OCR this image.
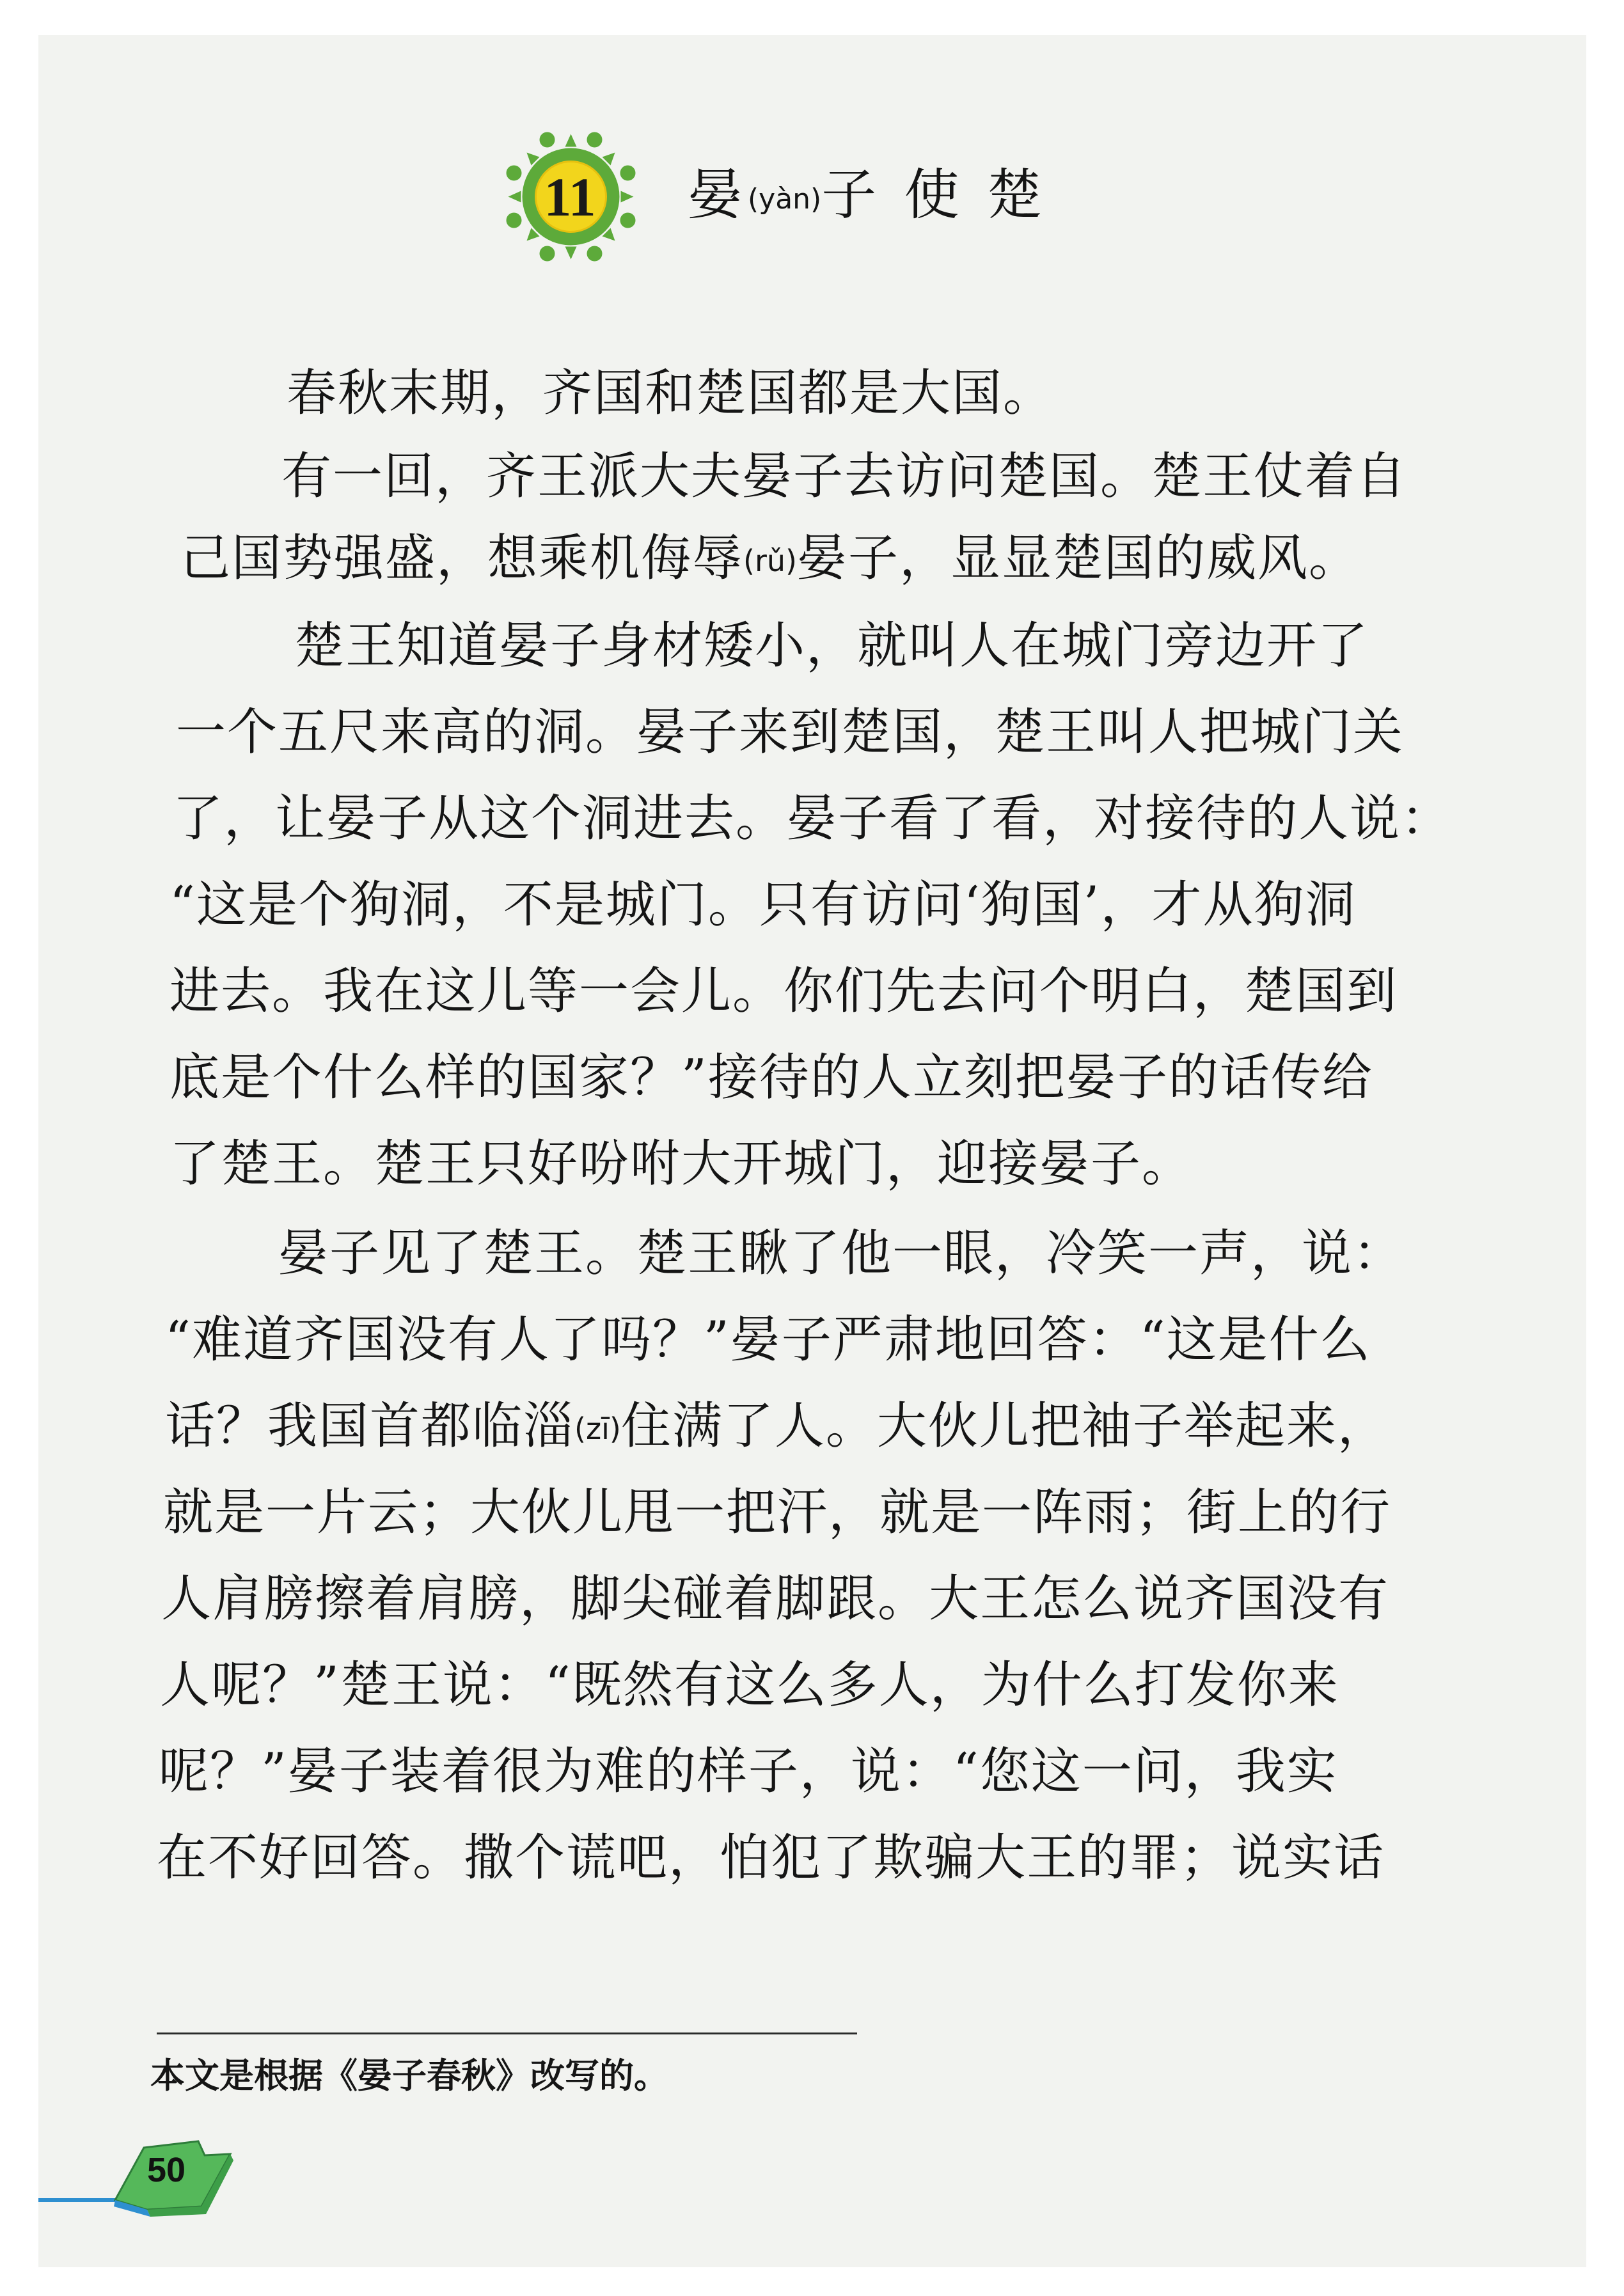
11 晏(yàn)子 使 楚
春秋末期，齐国和楚国都是大国。
有一回，齐王派大夫晏子去访问楚国。楚王仗着自
己国势强盛，想乘机侮辱(rǔ)晏子，显显楚国的威风。
楚王知道晏子身材矮小，就叫人在城门旁边开了
一个五尺来高的洞。晏子来到楚国，楚王叫人把城门关
了，让晏子从这个洞进去。晏子看了看，对接待的人说：
“这是个狗洞，不是城门。只有访问‘狗国’，才从狗洞
进去。我在这儿等一会儿。你们先去问个明白，楚国到
底是个什么样的国家？”接待的人立刻把晏子的话传给
了楚王。楚王只好吩咐大开城门，迎接晏子。
晏子见了楚王。楚王瞅了他一眼，冷笑一声，说：
“难道齐国没有人了吗？”晏子严肃地回答：“这是什么
话？我国首都临淄(zī)住满了人。大伙儿把袖子举起来，
就是一片云；大伙儿甩一把汗，就是一阵雨；街上的行
人肩膀擦着肩膀，脚尖碰着脚跟。大王怎么说齐国没有
人呢？”楚王说：“既然有这么多人，为什么打发你来
呢？”晏子装着很为难的样子，说：“您这一问，我实
在不好回答。撒个谎吧，怕犯了欺骗大王的罪；说实话
本文是根据《晏子春秋》改写的。
50
